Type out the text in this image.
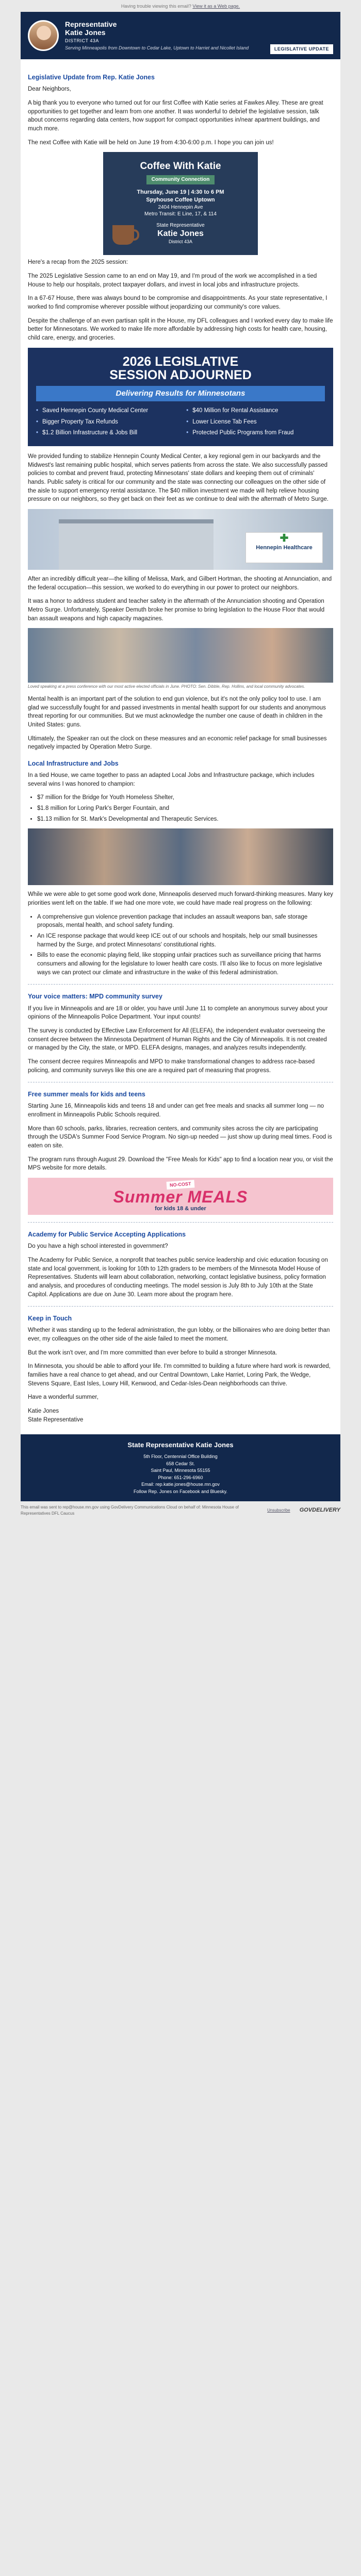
Having trouble viewing this email? View it as a Web page.
Representative
Katie Jones
DISTRICT 43A
Serving Minneapolis from Downtown to Cedar Lake, Uptown to Harriet and Nicollet Island	LEGISLATIVE UPDATE
Legislative Update from Rep. Katie Jones

Dear Neighbors,

A big thank you to everyone who turned out for our first Coffee with Katie series at Fawkes Alley. These are great opportunities to get together and learn from one another. It was wonderful to debrief the legislative session, talk about concerns regarding data centers, how support for compact opportunities in/near apartment buildings, and much more.

The next Coffee with Katie will be held on June 19 from 4:30-6:00 p.m. I hope you can join us!

Coffee With Katie
Community Connection
Thursday, June 19 | 4:30 to 6 PM
Spyhouse Coffee Uptown
2404 Hennepin Ave
Metro Transit: E Line, 17, & 114
State Representative
Katie Jones
District 43A

Here's a recap from the 2025 session:

The 2025 Legislative Session came to an end on May 19, and I'm proud of the work we accomplished in a tied House to help our hospitals, protect taxpayer dollars, and invest in local jobs and infrastructure projects.

In a 67-67 House, there was always bound to be compromise and disappointments. As your state representative, I worked to find compromise wherever possible without jeopardizing our community's core values.

Despite the challenge of an even partisan split in the House, my DFL colleagues and I worked every day to make life better for Minnesotans. We worked to make life more affordable by addressing high costs for health care, housing, child care, energy, and groceries.

2026 LEGISLATIVE
SESSION ADJOURNED
Delivering Results for Minnesotans
• Saved Hennepin County Medical Center
• Bigger Property Tax Refunds
• $1.2 Billion Infrastructure & Jobs Bill
• $40 Million for Rental Assistance
• Lower License Tab Fees
• Protected Public Programs from Fraud

We provided funding to stabilize Hennepin County Medical Center, a key regional gem in our backyards and the Midwest's last remaining public hospital, which serves patients from across the state. We also successfully passed policies to combat and prevent fraud, protecting Minnesotans' state dollars and keeping them out of criminals' hands. Public safety is critical for our community and the state was connecting our colleagues on the other side of the aisle to support emergency rental assistance. The $40 million investment we made will help relieve housing pressure on our neighbors, so they get back on their feet as we continue to deal with the aftermath of Metro Surge.

✚
Hennepin Healthcare

After an incredibly difficult year—the killing of Melissa, Mark, and Gilbert Hortman, the shooting at Annunciation, and the federal occupation—this session, we worked to do everything in our power to protect our neighbors.

It was a honor to address student and teacher safety in the aftermath of the Annunciation shooting and Operation Metro Surge. Unfortunately, Speaker Demuth broke her promise to bring legislation to the House Floor that would ban assault weapons and high capacity magazines.

Loved speaking at a press conference with our most active elected officials in June. PHOTO: Sen. Dibble, Rep. Hollins, and local community advocates.

Mental health is an important part of the solution to end gun violence, but it's not the only policy tool to use. I am glad we successfully fought for and passed investments in mental health support for our students and anonymous threat reporting for our communities. But we must acknowledge the number one cause of death in children in the United States: guns.

Ultimately, the Speaker ran out the clock on these measures and an economic relief package for small businesses negatively impacted by Operation Metro Surge.

Local Infrastructure and Jobs

In a tied House, we came together to pass an adapted Local Jobs and Infrastructure package, which includes several wins I was honored to champion:

• $7 million for the Bridge for Youth Homeless Shelter,
• $1.8 million for Loring Park's Berger Fountain, and
• $1.13 million for St. Mark's Developmental and Therapeutic Services.

While we were able to get some good work done, Minneapolis deserved much forward-thinking measures. Many key priorities went left on the table. If we had one more vote, we could have made real progress on the following:

• A comprehensive gun violence prevention package that includes an assault weapons ban, safe storage proposals, mental health, and school safety funding.
• An ICE response package that would keep ICE out of our schools and hospitals, help our small businesses harmed by the Surge, and protect Minnesotans' constitutional rights.
• Bills to ease the economic playing field, like stopping unfair practices such as surveillance pricing that harms consumers and allowing for the legislature to lower health care costs. I'll also like to focus on more legislative ways we can protect our climate and infrastructure in the wake of this federal administration.
Your voice matters: MPD community survey

If you live in Minneapolis and are 18 or older, you have until June 11 to complete an anonymous survey about your opinions of the Minneapolis Police Department. Your input counts!

The survey is conducted by Effective Law Enforcement for All (ELEFA), the independent evaluator overseeing the consent decree between the Minnesota Department of Human Rights and the City of Minneapolis. It is not created or managed by the City, the state, or MPD. ELEFA designs, manages, and analyzes results independently.

The consent decree requires Minneapolis and MPD to make transformational changes to address race-based policing, and community surveys like this one are a required part of measuring that progress.

Free summer meals for kids and teens

Starting June 16, Minneapolis kids and teens 18 and under can get free meals and snacks all summer long — no enrollment in Minneapolis Public Schools required.

More than 60 schools, parks, libraries, recreation centers, and community sites across the city are participating through the USDA's Summer Food Service Program. No sign-up needed — just show up during meal times. Food is eaten on site.

The program runs through August 29. Download the "Free Meals for Kids" app to find a location near you, or visit the MPS website for more details.

NO-COST
Summer MEALS
for kids 18 & under
Academy for Public Service Accepting Applications

Do you have a high school interested in government?

The Academy for Public Service, a nonprofit that teaches public service leadership and civic education focusing on state and local government, is looking for 10th to 12th graders to be members of the Minnesota Model House of Representatives. Students will learn about collaboration, networking, contact legislative business, policy formation and analysis, and procedures of conducting meetings. The model session is July 8th to July 10th at the State Capitol. Applications are due on June 30. Learn more about the program here.

Keep in Touch

Whether it was standing up to the federal administration, the gun lobby, or the billionaires who are doing better than ever, my colleagues on the other side of the aisle failed to meet the moment.

But the work isn't over, and I'm more committed than ever before to build a stronger Minnesota.

In Minnesota, you should be able to afford your life. I'm committed to building a future where hard work is rewarded, families have a real chance to get ahead, and our Central Downtown, Lake Harriet, Loring Park, the Wedge, Stevens Square, East Isles, Lowry Hill, Kenwood, and Cedar-Isles-Dean neighborhoods can thrive.

Have a wonderful summer,

Katie Jones

State Representative

State Representative Katie Jones
5th Floor, Centennial Office Building
658 Cedar St.
Saint Paul, Minnesota 55155
Phone: 651-296-6960
Email: rep.katie.jones@house.mn.gov
Follow Rep. Jones on Facebook and Bluesky.
This email was sent to rep@house.mn.gov using GovDelivery Communications Cloud on behalf of: Minnesota House of Representatives DFL Caucus
Unsubscribe GOVDELIVERY
